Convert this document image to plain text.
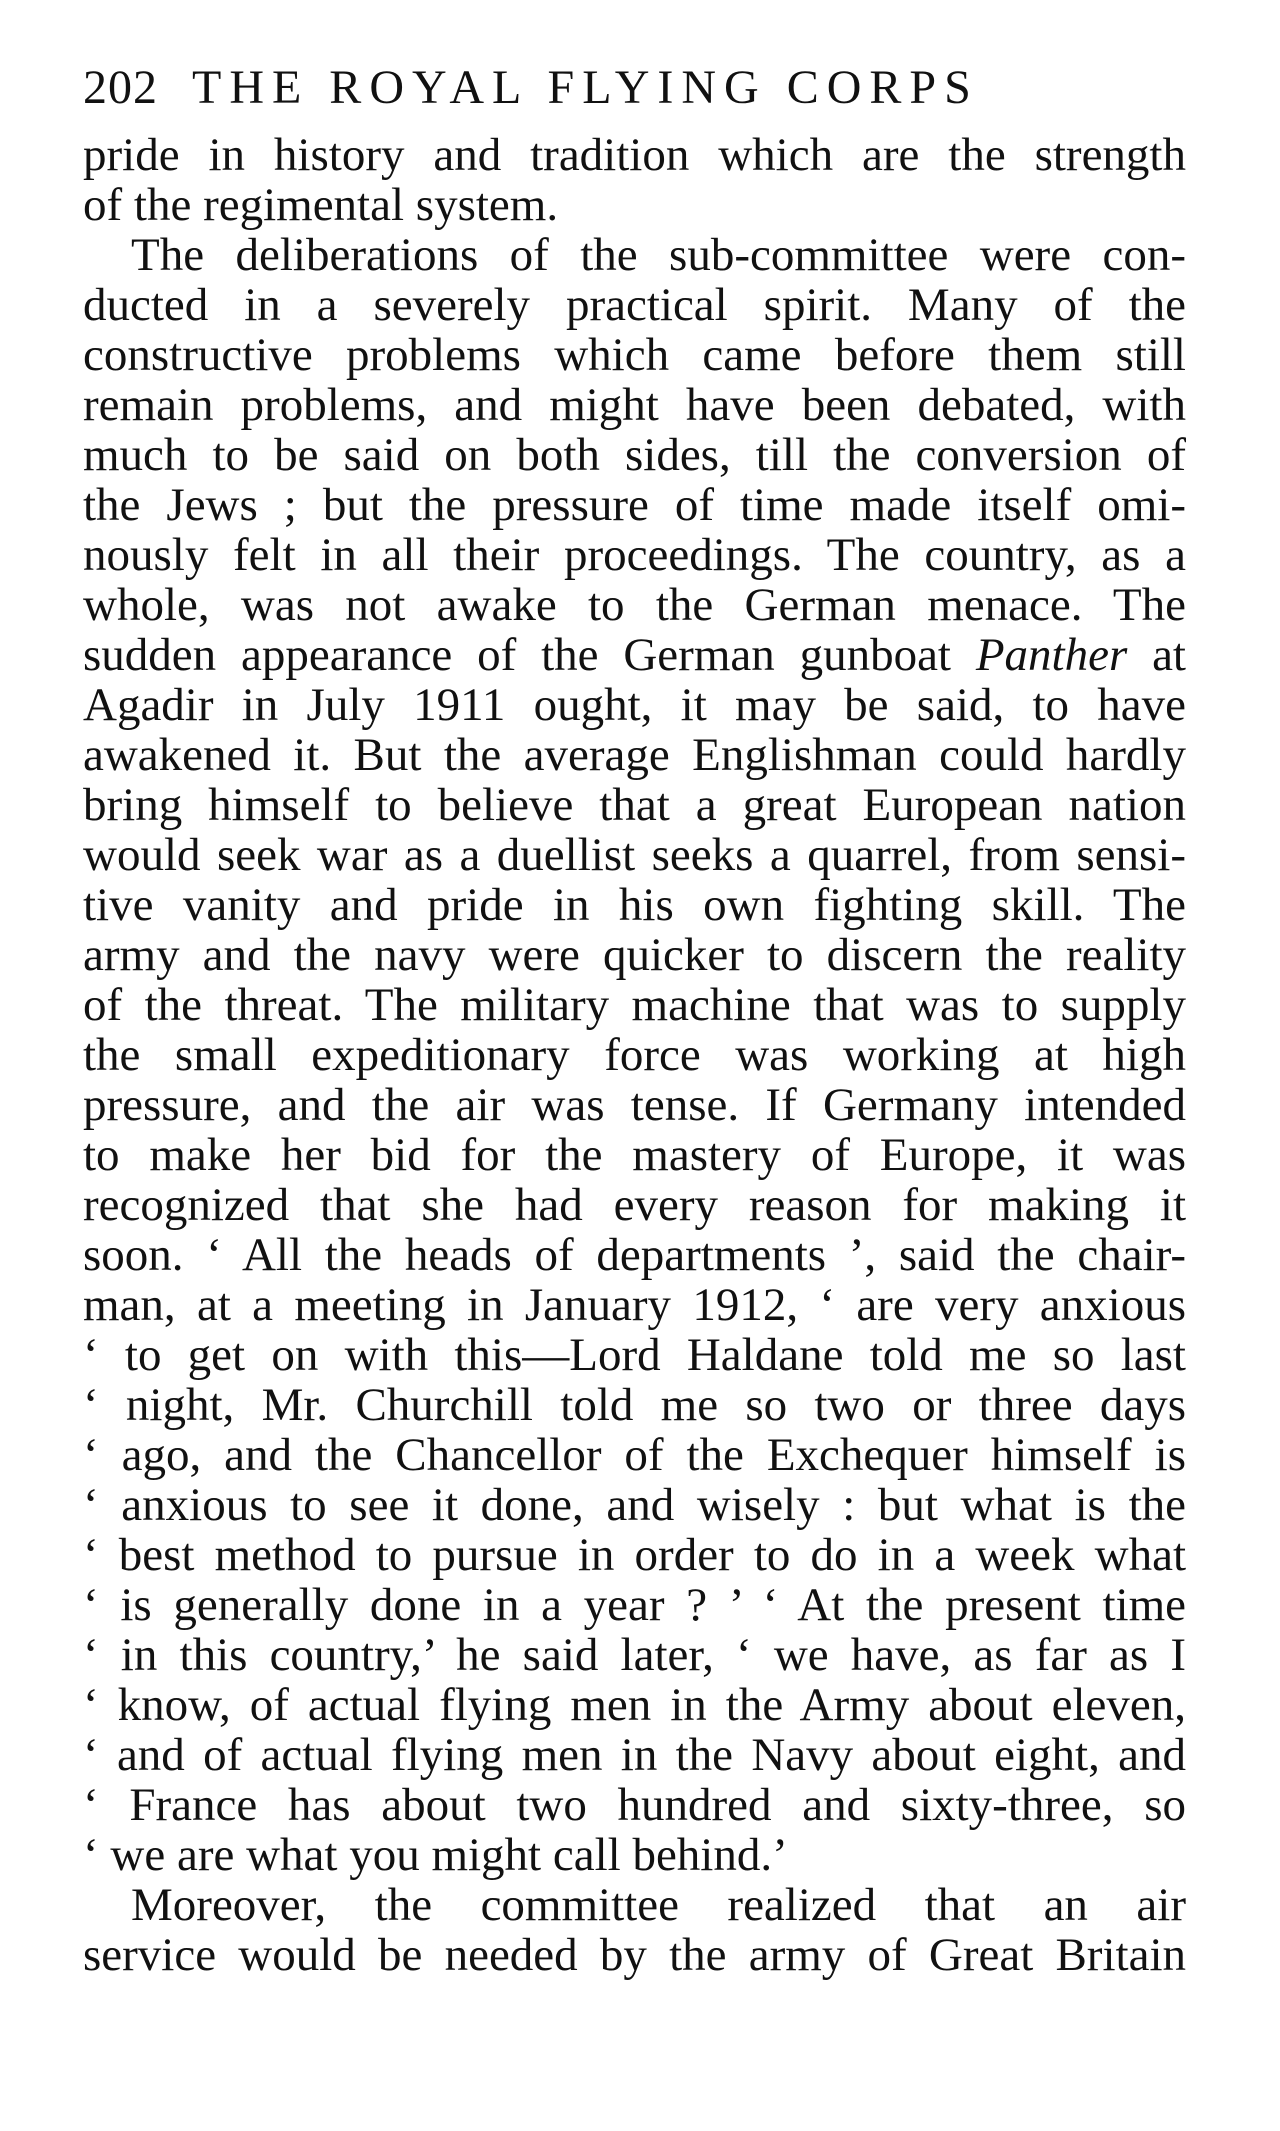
202 THE ROYAL FLYING CORPS
pride in history and tradition which are the strength
of the regimental system.
The deliberations of the sub-committee were con-
ducted in a severely practical spirit. Many of the
constructive problems which came before them still
remain problems, and might have been debated, with
much to be said on both sides, till the conversion of
the Jews ; but the pressure of time made itself omi-
nously felt in all their proceedings. The country, as a
whole, was not awake to the German menace. The
sudden appearance of the German gunboat Panther at
Agadir in July 1911 ought, it may be said, to have
awakened it. But the average Englishman could hardly
bring himself to believe that a great European nation
would seek war as a duellist seeks a quarrel, from sensi-
tive vanity and pride in his own fighting skill. The
army and the navy were quicker to discern the reality
of the threat. The military machine that was to supply
the small expeditionary force was working at high
pressure, and the air was tense. If Germany intended
to make her bid for the mastery of Europe, it was
recognized that she had every reason for making it
soon. ‘ All the heads of departments ’, said the chair-
man, at a meeting in January 1912, ‘ are very anxious
‘ to get on with this—Lord Haldane told me so last
‘ night, Mr. Churchill told me so two or three days
‘ ago, and the Chancellor of the Exchequer himself is
‘ anxious to see it done, and wisely : but what is the
‘ best method to pursue in order to do in a week what
‘ is generally done in a year ? ’ ‘ At the present time
‘ in this country,’ he said later, ‘ we have, as far as I
‘ know, of actual flying men in the Army about eleven,
‘ and of actual flying men in the Navy about eight, and
‘ France has about two hundred and sixty-three, so
‘ we are what you might call behind.’
Moreover, the committee realized that an air
service would be needed by the army of Great Britain
